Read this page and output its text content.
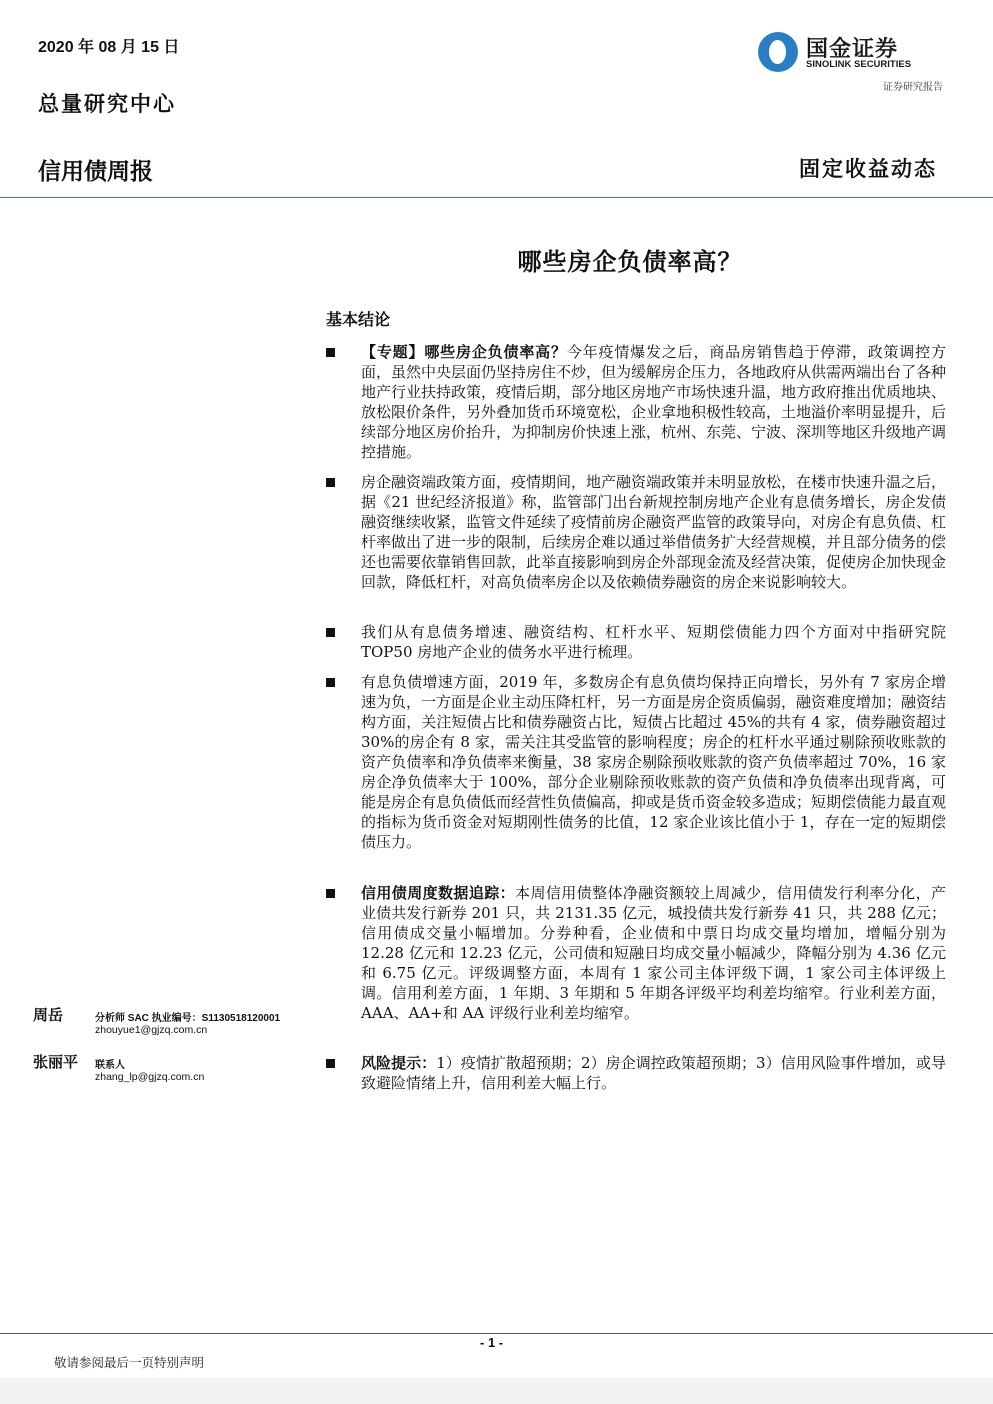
2020 年 08 月 15 日	国金证券
SINOLINK SECURITIES
证券研究报告
总量研究中心
信用债周报	固定收益动态
哪些房企负债率高？
基本结论
【专题】哪些房企负债率高？今年疫情爆发之后，商品房销售趋于停滞，政策调控方面，虽然中央层面仍坚持房住不炒，但为缓解房企压力，各地政府从供需两端出台了各种地产行业扶持政策，疫情后期，部分地区房地产市场快速升温，地方政府推出优质地块、放松限价条件，另外叠加货币环境宽松，企业拿地积极性较高，土地溢价率明显提升，后续部分地区房价抬升，为抑制房价快速上涨，杭州、东莞、宁波、深圳等地区升级地产调控措施。
房企融资端政策方面，疫情期间，地产融资端政策并未明显放松，在楼市快速升温之后，据《21 世纪经济报道》称，监管部门出台新规控制房地产企业有息债务增长，房企发债融资继续收紧，监管文件延续了疫情前房企融资严监管的政策导向，对房企有息负债、杠杆率做出了进一步的限制，后续房企难以通过举借债务扩大经营规模，并且部分债务的偿还也需要依靠销售回款，此举直接影响到房企外部现金流及经营决策，促使房企加快现金回款，降低杠杆，对高负债率房企以及依赖债券融资的房企来说影响较大。
我们从有息债务增速、融资结构、杠杆水平、短期偿债能力四个方面对中指研究院 TOP50 房地产企业的债务水平进行梳理。
有息负债增速方面，2019 年，多数房企有息负债均保持正向增长，另外有 7 家房企增速为负，一方面是企业主动压降杠杆，另一方面是房企资质偏弱，融资难度增加；融资结构方面，关注短债占比和债券融资占比，短债占比超过 45%的共有 4 家，债券融资超过 30%的房企有 8 家，需关注其受监管的影响程度；房企的杠杆水平通过剔除预收账款的资产负债率和净负债率来衡量，38 家房企剔除预收账款的资产负债率超过 70%，16 家房企净负债率大于 100%，部分企业剔除预收账款的资产负债和净负债率出现背离，可能是房企有息负债低而经营性负债偏高，抑或是货币资金较多造成；短期偿债能力最直观的指标为货币资金对短期刚性债务的比值，12 家企业该比值小于 1，存在一定的短期偿债压力。
信用债周度数据追踪：本周信用债整体净融资额较上周减少，信用债发行利率分化，产业债共发行新券 201 只，共 2131.35 亿元，城投债共发行新券 41 只，共 288 亿元；信用债成交量小幅增加。分券种看，企业债和中票日均成交量均增加，增幅分别为 12.28 亿元和 12.23 亿元，公司债和短融日均成交量小幅减少，降幅分别为 4.36 亿元和 6.75 亿元。评级调整方面，本周有 1 家公司主体评级下调，1 家公司主体评级上调。信用利差方面，1 年期、3 年期和 5 年期各评级平均利差均缩窄。行业利差方面，AAA、AA+和 AA 评级行业利差均缩窄。
风险提示：1）疫情扩散超预期；2）房企调控政策超预期；3）信用风险事件增加，或导致避险情绪上升，信用利差大幅上行。
周岳	分析师 SAC 执业编号：S1130518120001
zhouyue1@gjzq.com.cn
张丽平 联系人
zhang_lp@gjzq.com.cn
- 1 -
敬请参阅最后一页特别声明
